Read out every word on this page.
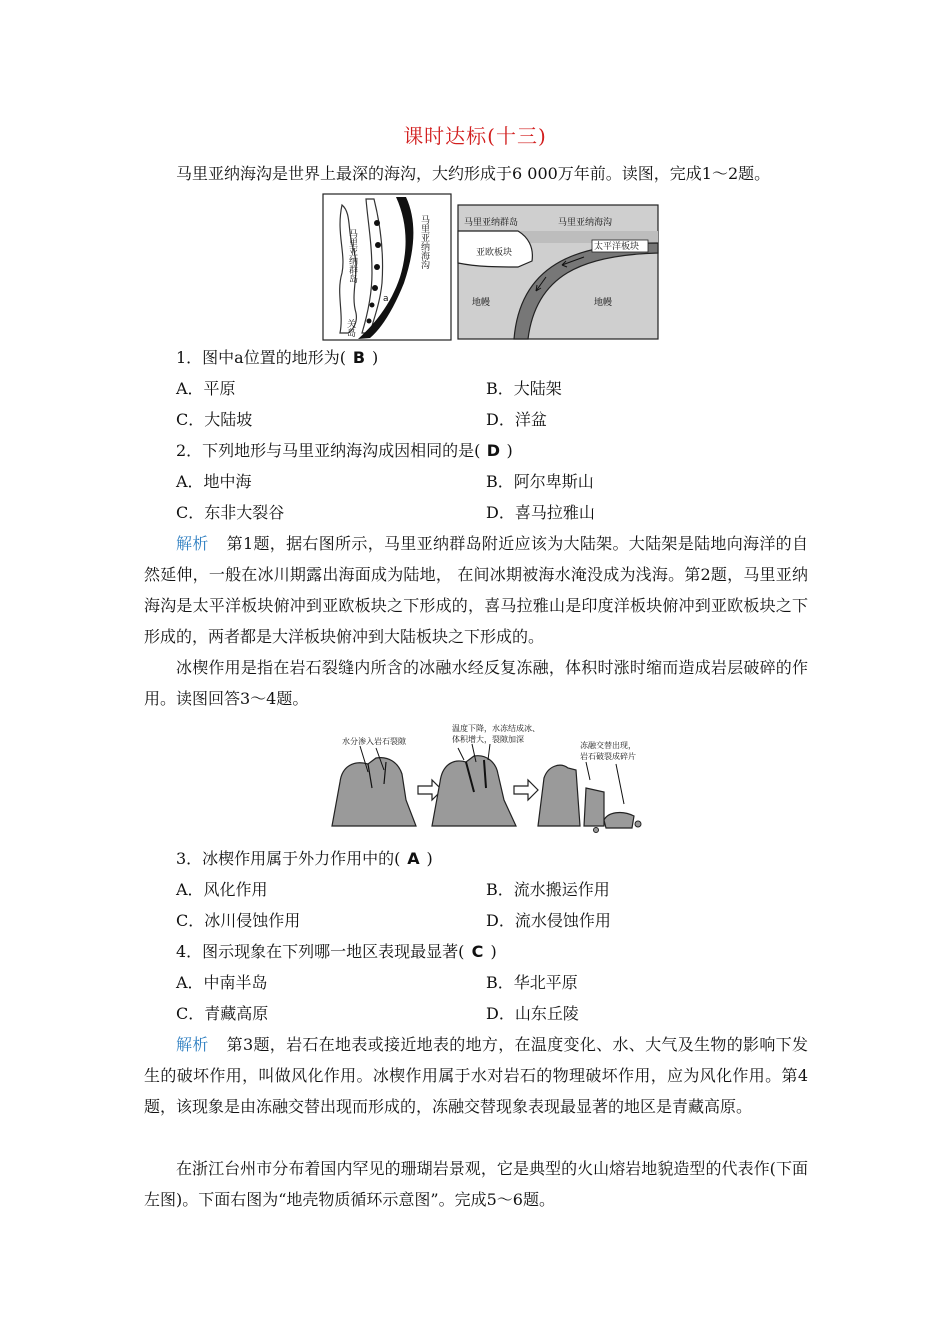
课时达标(十三)
马里亚纳海沟是世界上最深的海沟，大约形成于6 000万年前。读图，完成1～2题。
马里亚纳海沟
马里亚纳群岛
关岛
a
马里亚纳群岛	马里亚纳海沟
亚欧板块
太平洋板块
地幔	地幔
1．图中a位置的地形为( B )
A．平原	B．大陆架
C．大陆坡	D．洋盆
2．下列地形与马里亚纳海沟成因相同的是( D )
A．地中海	B．阿尔卑斯山
C．东非大裂谷	D．喜马拉雅山
解析 第1题，据右图所示，马里亚纳群岛附近应该为大陆架。大陆架是陆地向海洋的自然延伸，一般在冰川期露出海面成为陆地， 在间冰期被海水淹没成为浅海。第2题，马里亚纳海沟是太平洋板块俯冲到亚欧板块之下形成的，喜马拉雅山是印度洋板块俯冲到亚欧板块之下形成的，两者都是大洋板块俯冲到大陆板块之下形成的。
冰楔作用是指在岩石裂缝内所含的冰融水经反复冻融，体积时涨时缩而造成岩层破碎的作用。读图回答3～4题。
水分渗入岩石裂隙
温度下降，水冻结成冰、
体积增大，裂隙加深
冻融交替出现，
岩石破裂成碎片
3．冰楔作用属于外力作用中的( A )
A．风化作用	B．流水搬运作用
C．冰川侵蚀作用	D．流水侵蚀作用
4．图示现象在下列哪一地区表现最显著( C )
A．中南半岛	B．华北平原
C．青藏高原	D．山东丘陵
解析 第3题，岩石在地表或接近地表的地方，在温度变化、水、大气及生物的影响下发生的破坏作用，叫做风化作用。冰楔作用属于水对岩石的物理破坏作用，应为风化作用。第4题，该现象是由冻融交替出现而形成的，冻融交替现象表现最显著的地区是青藏高原。
在浙江台州市分布着国内罕见的珊瑚岩景观，它是典型的火山熔岩地貌造型的代表作(下面左图)。下面右图为“地壳物质循环示意图”。完成5～6题。
